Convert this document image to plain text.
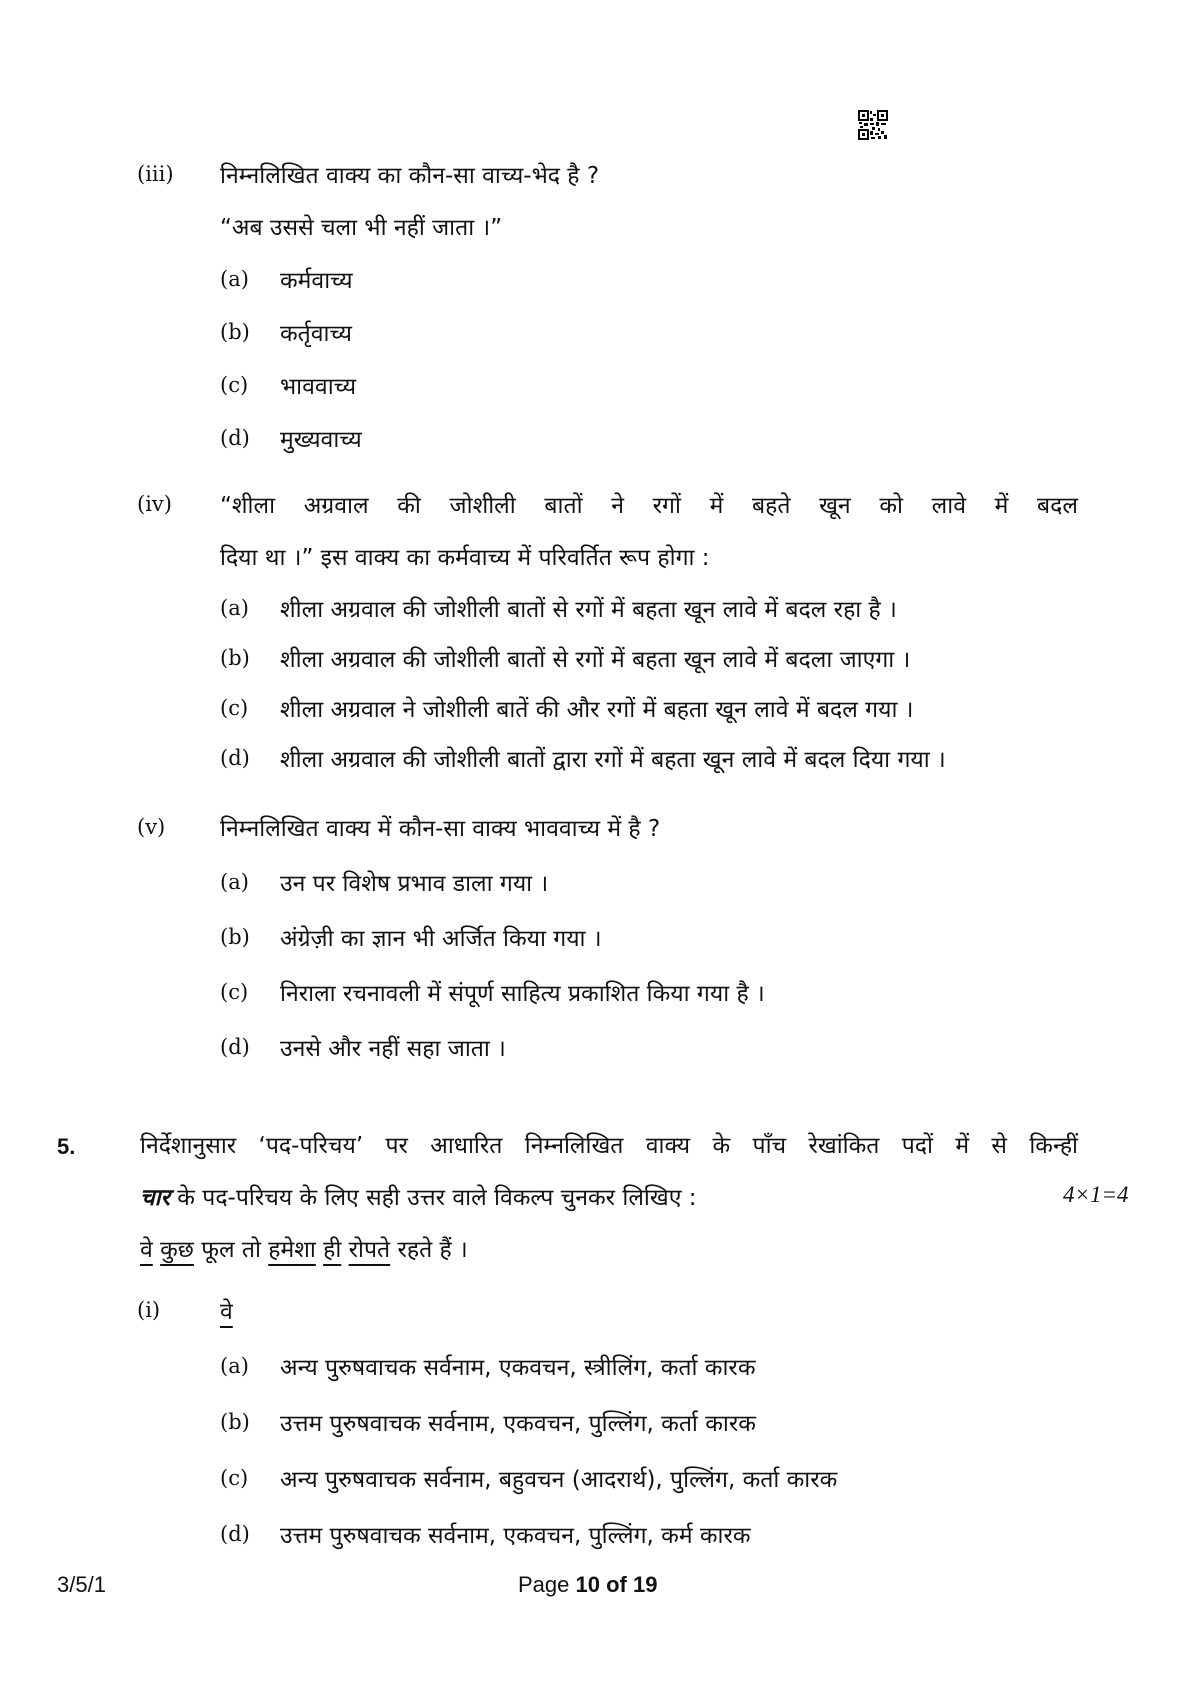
(iii) निम्नलिखित वाक्य का कौन-सा वाच्य-भेद है ?
“अब उससे चला भी नहीं जाता ।”
(a) कर्मवाच्य
(b) कर्तृवाच्य
(c) भाववाच्य
(d) मुख्यवाच्य
(iv) “शीला अग्रवाल की जोशीली बातों ने रगों में बहते खून को लावे में बदल
दिया था ।” इस वाक्य का कर्मवाच्य में परिवर्तित रूप होगा :
(a) शीला अग्रवाल की जोशीली बातों से रगों में बहता खून लावे में बदल रहा है ।
(b) शीला अग्रवाल की जोशीली बातों से रगों में बहता खून लावे में बदला जाएगा ।
(c) शीला अग्रवाल ने जोशीली बातें की और रगों में बहता खून लावे में बदल गया ।
(d) शीला अग्रवाल की जोशीली बातों द्वारा रगों में बहता खून लावे में बदल दिया गया ।
(v) निम्नलिखित वाक्य में कौन-सा वाक्य भाववाच्य में है ?
(a) उन पर विशेष प्रभाव डाला गया ।
(b) अंग्रेज़ी का ज्ञान भी अर्जित किया गया ।
(c) निराला रचनावली में संपूर्ण साहित्य प्रकाशित किया गया है ।
(d) उनसे और नहीं सहा जाता ।
5.	निर्देशानुसार ‘पद-परिचय’ पर आधारित निम्नलिखित वाक्य के पाँच रेखांकित पदों में से किन्हीं
चार के पद-परिचय के लिए सही उत्तर वाले विकल्प चुनकर लिखिए :	4×1=4
वे कुछ फूल तो हमेशा ही रोपते रहते हैं ।
(i)	वे
(a) अन्य पुरुषवाचक सर्वनाम, एकवचन, स्त्रीलिंग, कर्ता कारक
(b) उत्तम पुरुषवाचक सर्वनाम, एकवचन, पुल्लिंग, कर्ता कारक
(c) अन्य पुरुषवाचक सर्वनाम, बहुवचन (आदरार्थ), पुल्लिंग, कर्ता कारक
(d) उत्तम पुरुषवाचक सर्वनाम, एकवचन, पुल्लिंग, कर्म कारक
3/5/1	Page 10 of 19
